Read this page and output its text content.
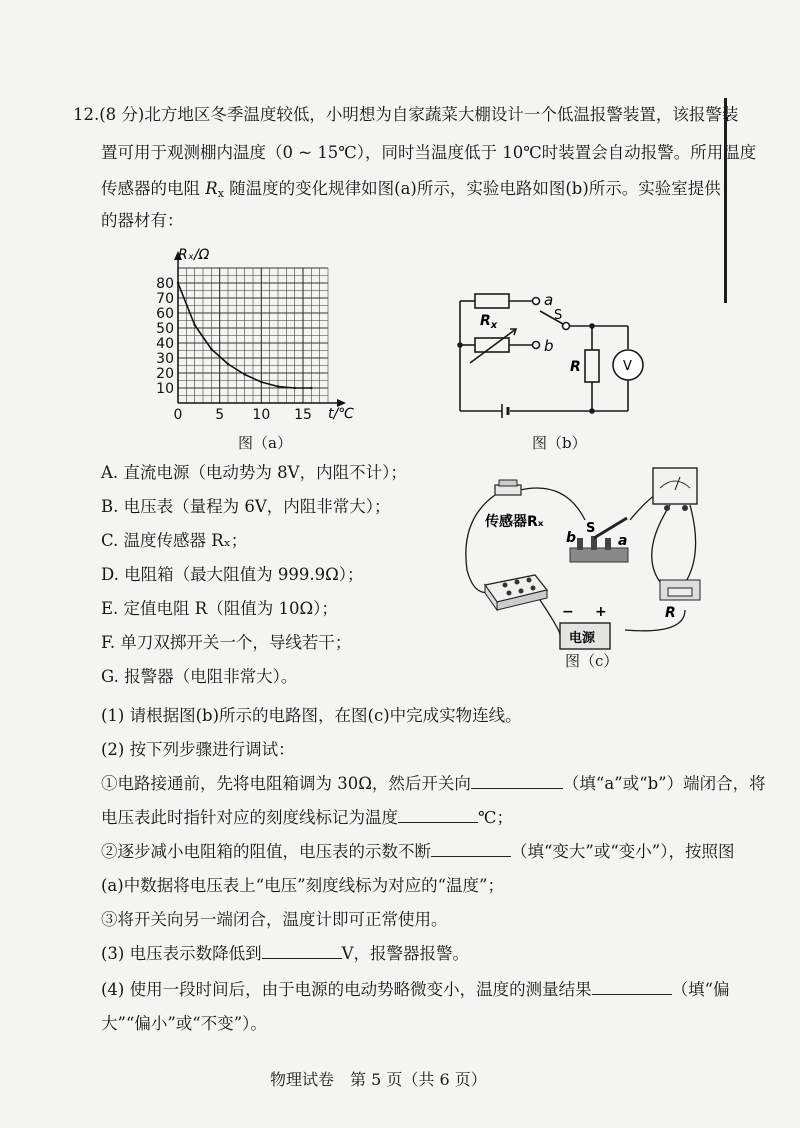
12.(8 分)北方地区冬季温度较低，小明想为自家蔬菜大棚设计一个低温报警装置，该报警装
置可用于观测棚内温度（0 ~ 15℃），同时当温度低于 10℃时装置会自动报警。所用温度
传感器的电阻 $R_x$ 随温度的变化规律如图(a)所示，实验电路如图(b)所示。实验室提供
的器材有：
10
20
30
40
50
60
70
80
0 5 10 15
Rₓ/Ω
t/℃
图（a）
a
b
S
$R_x$
R	V
图（b）
A. 直流电源（电动势为 8V，内阻不计）；
B. 电压表（量程为 6V，内阻非常大）；
C. 温度传感器 Rₓ；
D. 电阻箱（最大阻值为 999.9Ω）；
E. 定值电阻 R（阻值为 10Ω）；
F. 单刀双掷开关一个，导线若干；
G. 报警器（电阻非常大）。
传感器Rₓ
b
S
a
R
− +
电源
图（c）
(1) 请根据图(b)所示的电路图，在图(c)中完成实物连线。
(2) 按下列步骤进行调试：
①电路接通前，先将电阻箱调为 30Ω，然后开关向	（填“a”或“b”）端闭合，将
电压表此时指针对应的刻度线标记为温度	℃；
②逐步减小电阻箱的阻值，电压表的示数不断	（填“变大”或“变小”），按照图
(a)中数据将电压表上“电压”刻度线标为对应的“温度”；
③将开关向另一端闭合，温度计即可正常使用。
(3) 电压表示数降低到	V，报警器报警。
(4) 使用一段时间后，由于电源的电动势略微变小，温度的测量结果	（填“偏
大”“偏小”或“不变”）。
物理试卷　第 5 页（共 6 页）
